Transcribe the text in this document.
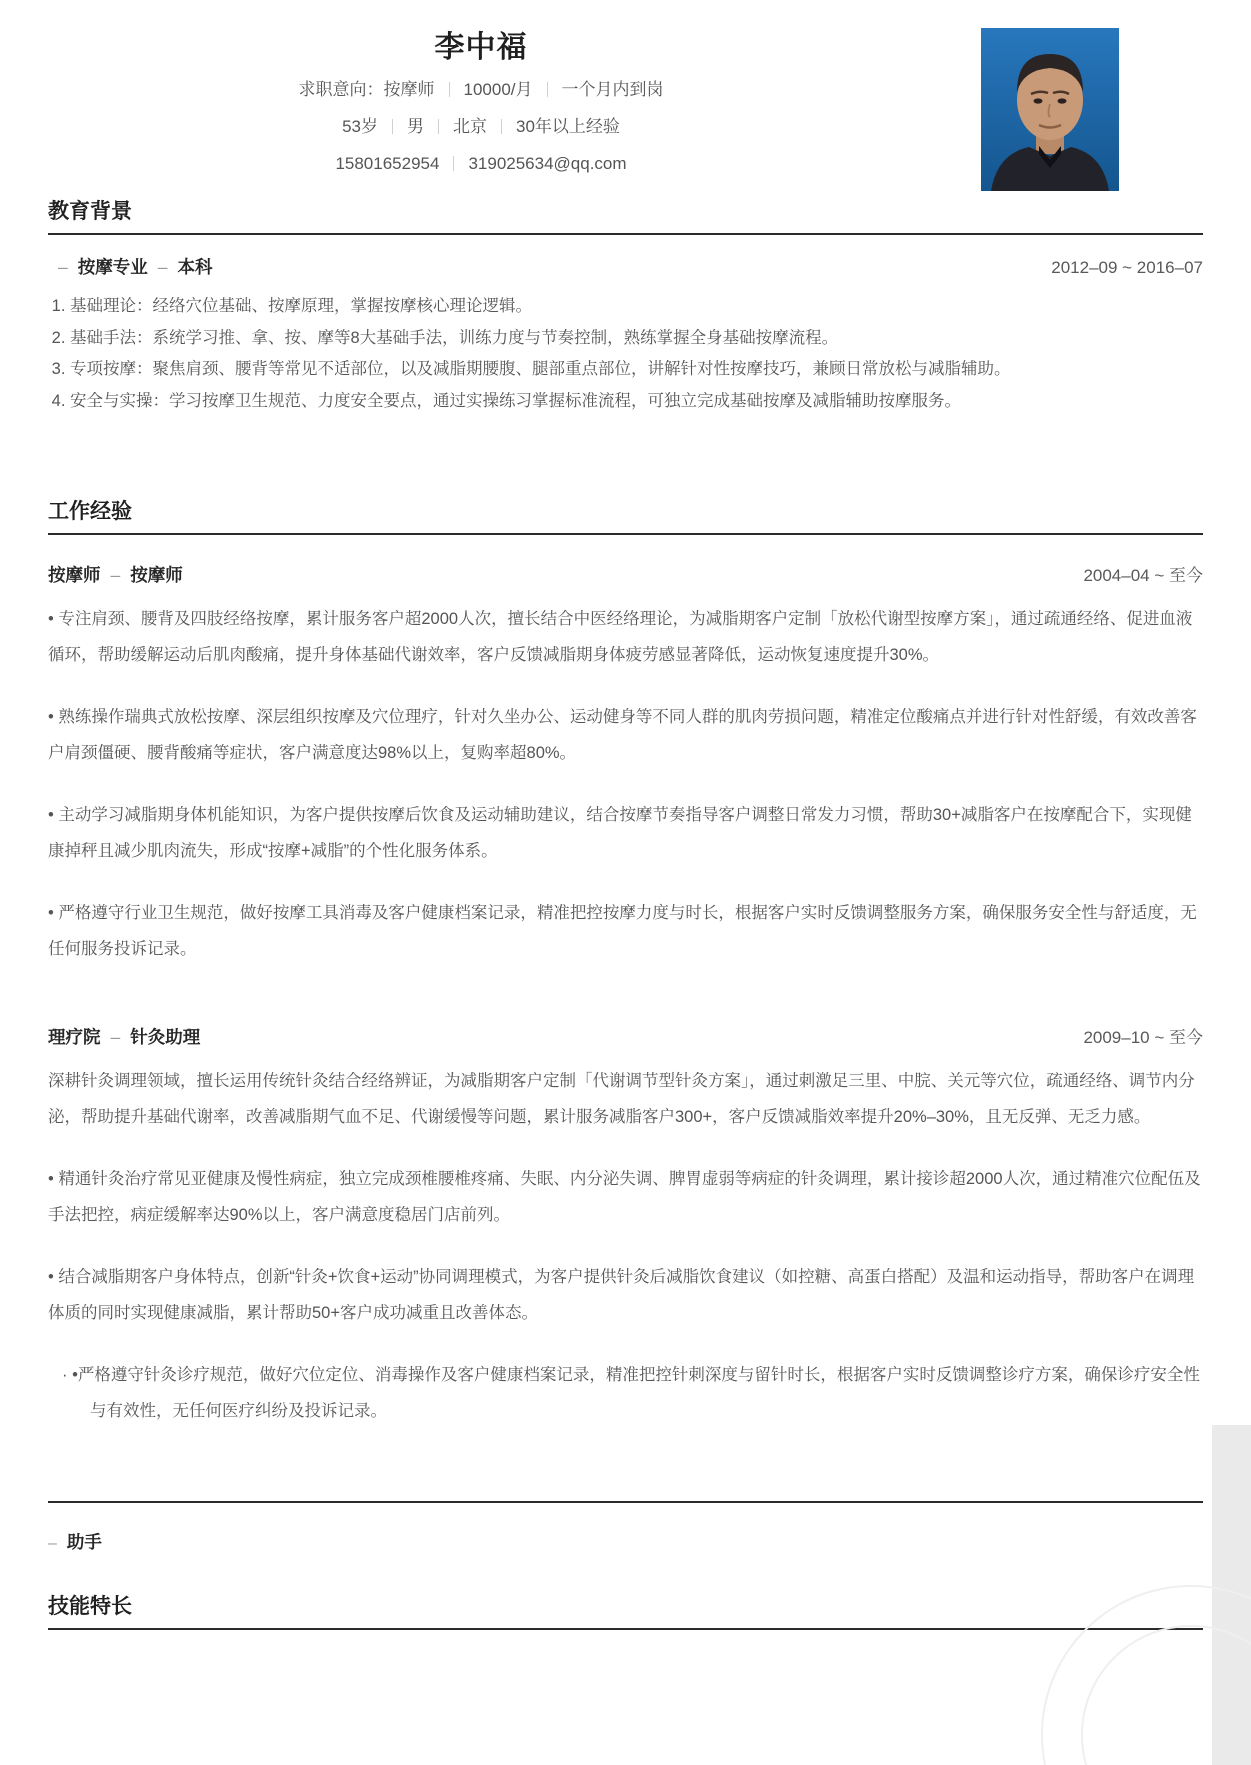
李中福
求职意向：按摩师 10000/月 一个月内到岗
53岁 男 北京 30年以上经验
15801652954 319025634@qq.com
教育背景
– 按摩专业 – 本科	2012–09 ~ 2016–07
1. 基础理论：经络穴位基础、按摩原理，掌握按摩核心理论逻辑。
2. 基础手法：系统学习推、拿、按、摩等8大基础手法，训练力度与节奏控制，熟练掌握全身基础按摩流程。
3. 专项按摩：聚焦肩颈、腰背等常见不适部位，以及减脂期腰腹、腿部重点部位，讲解针对性按摩技巧，兼顾日常放松与减脂辅助。
4. 安全与实操：学习按摩卫生规范、力度安全要点，通过实操练习掌握标准流程，可独立完成基础按摩及减脂辅助按摩服务。
工作经验
按摩师 – 按摩师	2004–04 ~ 至今
• 专注肩颈、腰背及四肢经络按摩，累计服务客户超2000人次，擅长结合中医经络理论，为减脂期客户定制「放松代谢型按摩方案」，通过疏通经络、促进血液循环，帮助缓解运动后肌肉酸痛，提升身体基础代谢效率，客户反馈减脂期身体疲劳感显著降低，运动恢复速度提升30%。
• 熟练操作瑞典式放松按摩、深层组织按摩及穴位理疗，针对久坐办公、运动健身等不同人群的肌肉劳损问题，精准定位酸痛点并进行针对性舒缓，有效改善客户肩颈僵硬、腰背酸痛等症状，客户满意度达98%以上，复购率超80%。
• 主动学习减脂期身体机能知识，为客户提供按摩后饮食及运动辅助建议，结合按摩节奏指导客户调整日常发力习惯，帮助30+减脂客户在按摩配合下，实现健康掉秤且减少肌肉流失，形成“按摩+减脂”的个性化服务体系。
• 严格遵守行业卫生规范，做好按摩工具消毒及客户健康档案记录，精准把控按摩力度与时长，根据客户实时反馈调整服务方案，确保服务安全性与舒适度，无任何服务投诉记录。
理疗院 – 针灸助理	2009–10 ~ 至今
深耕针灸调理领域，擅长运用传统针灸结合经络辨证，为减脂期客户定制「代谢调节型针灸方案」，通过刺激足三里、中脘、关元等穴位，疏通经络、调节内分泌，帮助提升基础代谢率，改善减脂期气血不足、代谢缓慢等问题，累计服务减脂客户300+，客户反馈减脂效率提升20%–30%，且无反弹、无乏力感。
• 精通针灸治疗常见亚健康及慢性病症，独立完成颈椎腰椎疼痛、失眠、内分泌失调、脾胃虚弱等病症的针灸调理，累计接诊超2000人次，通过精准穴位配伍及手法把控，病症缓解率达90%以上，客户满意度稳居门店前列。
• 结合减脂期客户身体特点，创新“针灸+饮食+运动”协同调理模式，为客户提供针灸后减脂饮食建议（如控糖、高蛋白搭配）及温和运动指导，帮助客户在调理体质的同时实现健康减脂，累计帮助50+客户成功减重且改善体态。
· •严格遵守针灸诊疗规范，做好穴位定位、消毒操作及客户健康档案记录，精准把控针刺深度与留针时长，根据客户实时反馈调整诊疗方案，确保诊疗安全性与有效性，无任何医疗纠纷及投诉记录。
– 助手
技能特长
